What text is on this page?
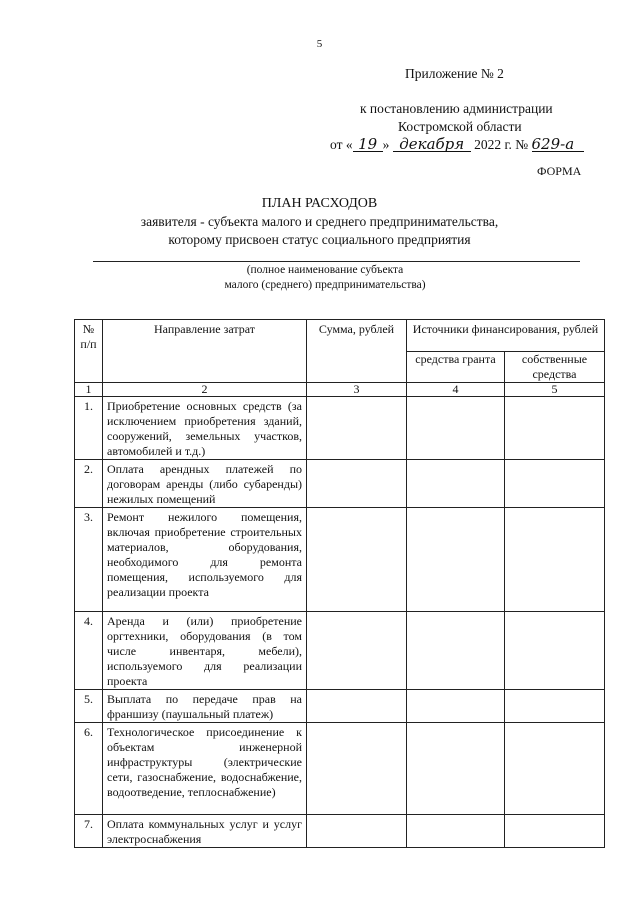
5
Приложение № 2
к постановлению администрации
Костромской области
от « 19 » декабря 2022 г. № 629-а
ФОРМА
ПЛАН РАСХОДОВ
заявителя - субъекта малого и среднего предпринимательства,
которому присвоен статус социального предприятия
(полное наименование субъекта
малого (среднего) предпринимательства)
№ п/п	Направление затрат	Сумма, рублей	Источники финансирования, рублей	
			средства гранта	собственные средства
1	2	3	4	5
1.	Приобретение основных средств (за исключением приобретения зданий, сооружений, земельных участков, автомобилей и т.д.)			
2.	Оплата арендных платежей по договорам аренды (либо субаренды) нежилых помещений			
3.	Ремонт нежилого помещения, включая приобретение строительных материалов, оборудования, необходимого для ремонта помещения, используемого для реализации проекта			
4.	Аренда и (или) приобретение оргтехники, оборудования (в том числе инвентаря, мебели), используемого для реализации проекта			
5.	Выплата по передаче прав на франшизу (паушальный платеж)			
6.	Технологическое присоединение к объектам инженерной инфраструктуры (электрические сети, газоснабжение, водоснабжение, водоотведение, теплоснабжение)			
7.	Оплата коммунальных услуг и услуг электроснабжения			
